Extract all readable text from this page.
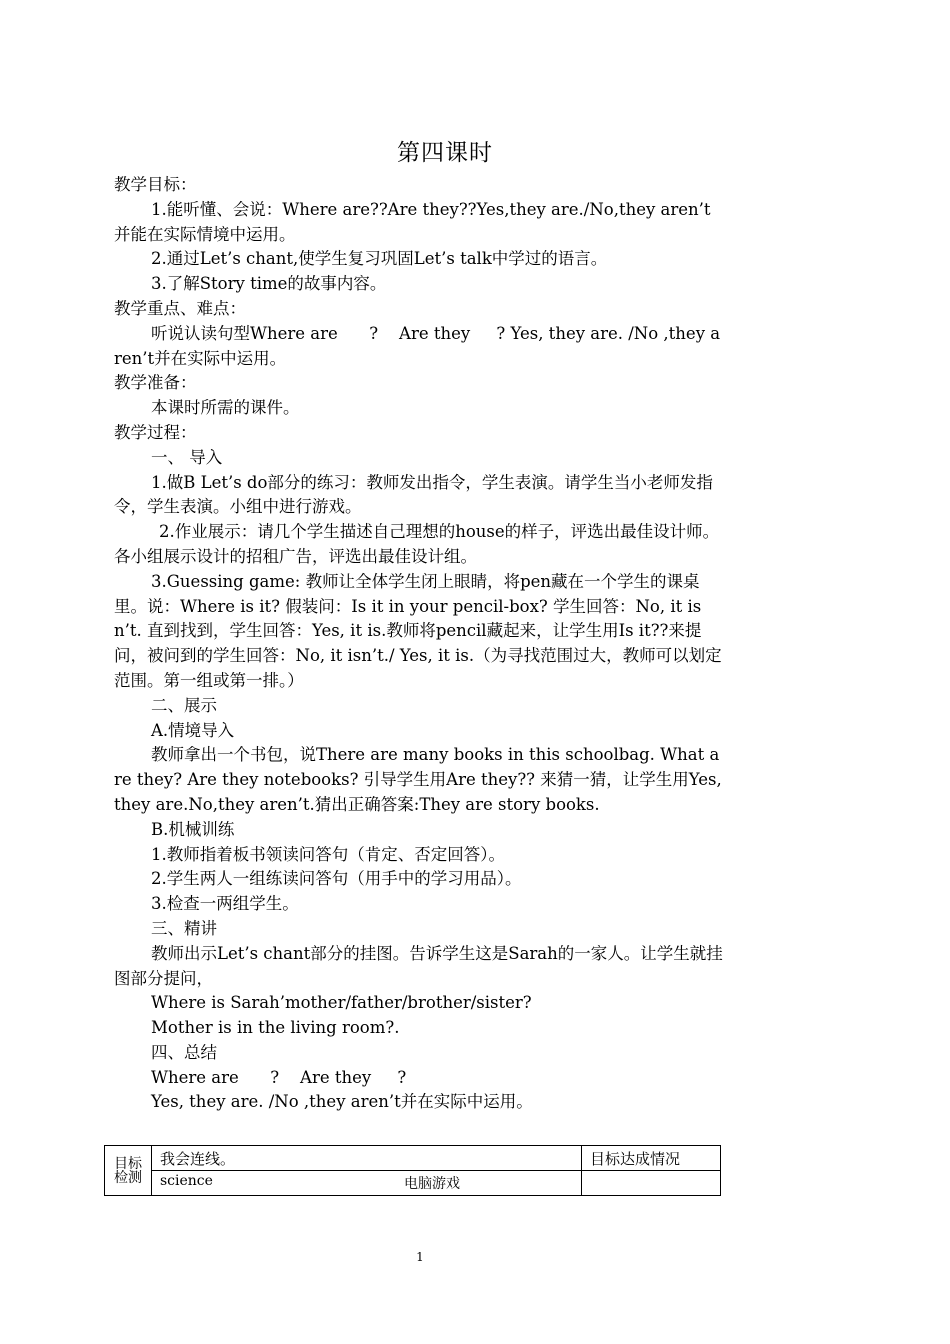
第四课时

教学目标：

1.能听懂、会说：Where are??Are they??Yes,they are./No,they aren’t并能在实际情境中运用。

2.通过Let’s chant,使学生复习巩固Let’s talk中学过的语言。

3.了解Story time的故事内容。

教学重点、难点：

听说认读句型Where are      ?    Are they     ? Yes, they are. /No ,they aren’t并在实际中运用。

教学准备：

本课时所需的课件。

教学过程：

一、 导入

1.做B Let’s do部分的练习：教师发出指令，学生表演。请学生当小老师发指令，学生表演。小组中进行游戏。

2.作业展示：请几个学生描述自己理想的house的样子，评选出最佳设计师。各小组展示设计的招租广告，评选出最佳设计组。

3.Guessing game: 教师让全体学生闭上眼睛，将pen藏在一个学生的课桌里。说：Where is it? 假装问：Is it in your pencil-box? 学生回答：No, it isn’t. 直到找到，学生回答：Yes, it is.教师将pencil藏起来，让学生用Is it??来提问，被问到的学生回答：No, it isn’t./ Yes, it is.（为寻找范围过大，教师可以划定范围。第一组或第一排。）

二、展示

A.情境导入

教师拿出一个书包，说There are many books in this schoolbag. What are they? Are they notebooks? 引导学生用Are they?? 来猜一猜，让学生用Yes,they are.No,they aren’t.猜出正确答案:They are story books.

B.机械训练

1.教师指着板书领读问答句（肯定、否定回答）。

2.学生两人一组练读问答句（用手中的学习用品）。

3.检查一两组学生。

三、精讲

教师出示Let’s chant部分的挂图。告诉学生这是Sarah的一家人。让学生就挂图部分提问，

Where is Sarah’mother/father/brother/sister?

Mother is in the living room?.

四、总结

Where are      ?    Are they     ?

Yes, they are. /No ,they aren’t并在实际中运用。

目标检测	我会连线。	目标达成情况

	science 电脑游戏	

1
